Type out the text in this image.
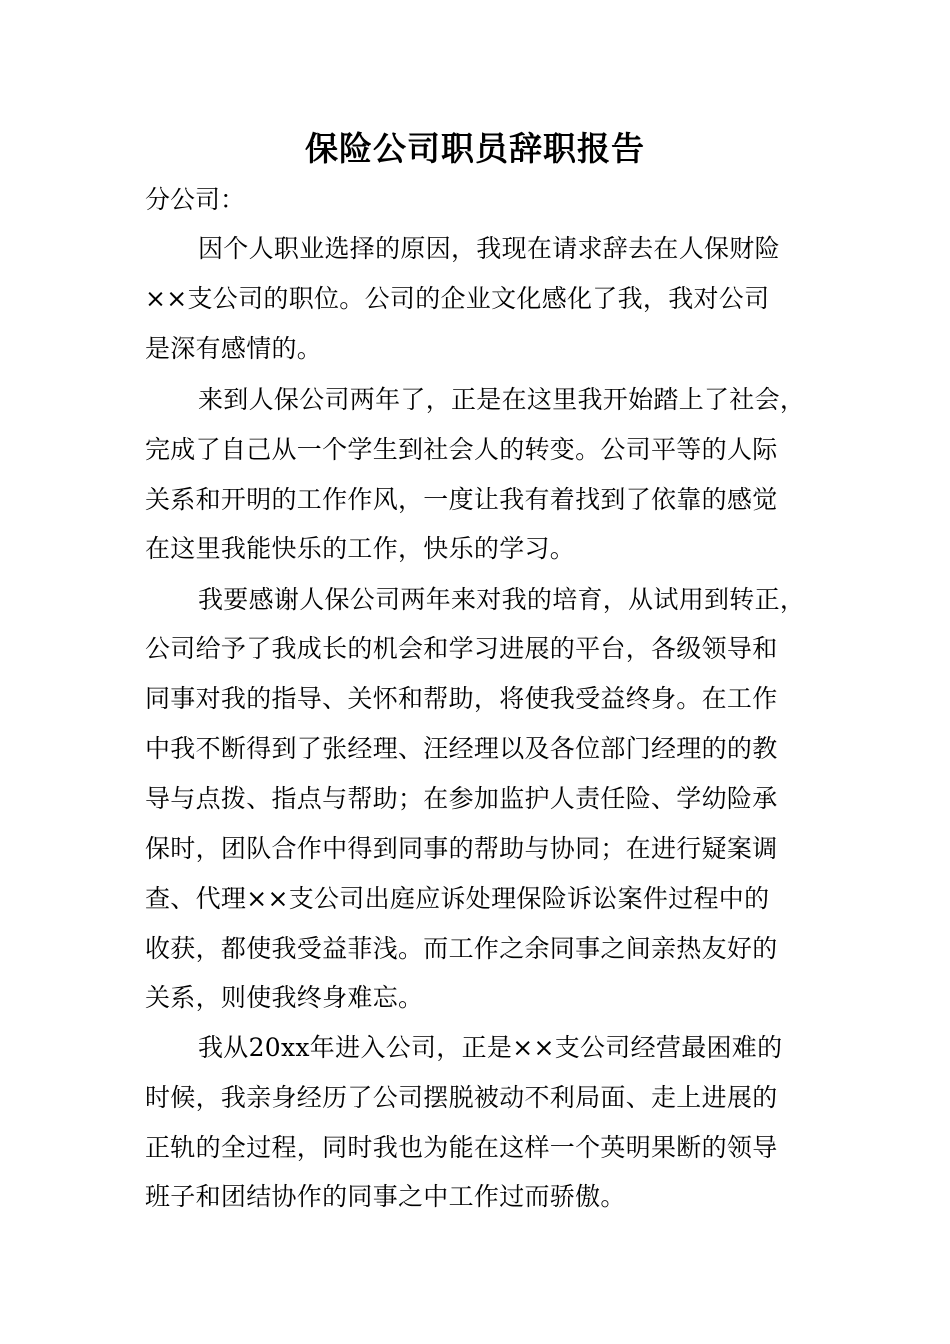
保险公司职员辞职报告

分公司：

因个人职业选择的原因，我现在请求辞去在人保财险

××支公司的职位。公司的企业文化感化了我，我对公司

是深有感情的。

来到人保公司两年了，正是在这里我开始踏上了社会，

完成了自己从一个学生到社会人的转变。公司平等的人际

关系和开明的工作作风，一度让我有着找到了依靠的感觉

在这里我能快乐的工作，快乐的学习。

我要感谢人保公司两年来对我的培育，从试用到转正，

公司给予了我成长的机会和学习进展的平台，各级领导和

同事对我的指导、关怀和帮助，将使我受益终身。在工作

中我不断得到了张经理、汪经理以及各位部门经理的的教

导与点拨、指点与帮助；在参加监护人责任险、学幼险承

保时，团队合作中得到同事的帮助与协同；在进行疑案调

查、代理××支公司出庭应诉处理保险诉讼案件过程中的

收获，都使我受益菲浅。而工作之余同事之间亲热友好的

关系，则使我终身难忘。

我从20xx年进入公司，正是××支公司经营最困难的

时候，我亲身经历了公司摆脱被动不利局面、走上进展的

正轨的全过程，同时我也为能在这样一个英明果断的领导

班子和团结协作的同事之中工作过而骄傲。
